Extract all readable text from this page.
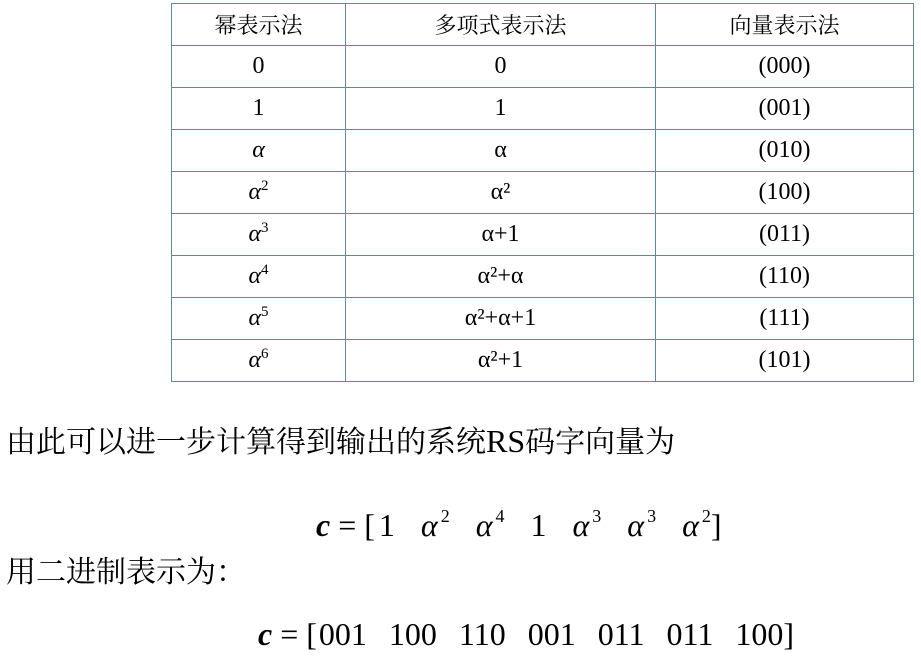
幂表示法	多项式表示法	向量表示法
0	0	(000)
1	1	(001)
α	α	(010)
$\alpha^2$	α²	(100)
$\alpha^3$	α+1	(011)
$\alpha^4$	α²+α	(110)
$\alpha^5$	α²+α+1	(111)
$\alpha^6$	α²+1	(101)
由此可以进一步计算得到输出的系统RS码字向量为
c = [ 1 α $^2$ α $^4$ 1 α $^3$ α $^3$ α $^2$]
用二进制表示为：
c = [001 100 110 001 011 011 100]
